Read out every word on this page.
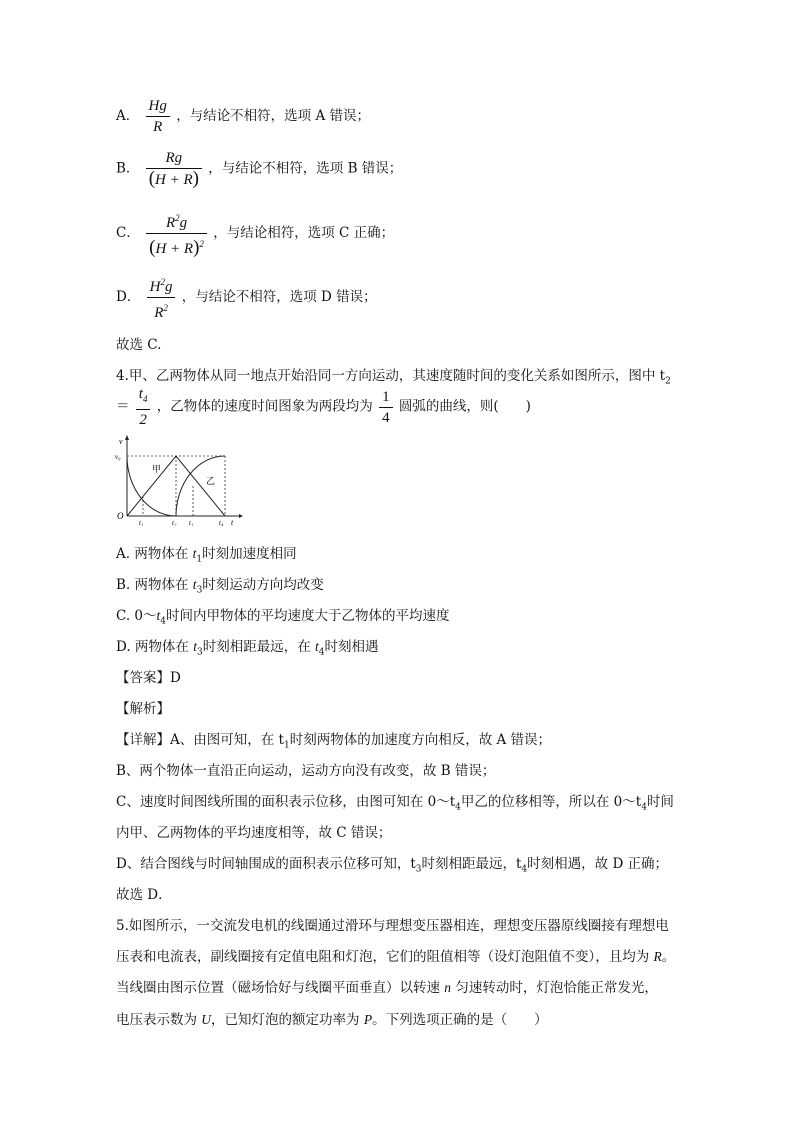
A． $\frac{Hg}{R}$ ，与结论不相符，选项 A 错误；
B． $\frac{Rg}{(H + R)}$ ，与结论不相符，选项 B 错误；
C． $\frac{R^2g}{(H + R)^2}$ ，与结论相符，选项 C 正确；
D． $\frac{H^2g}{R^2}$ ，与结论不相符，选项 D 错误；
故选 C.
4.甲、乙两物体从同一地点开始沿同一方向运动，其速度随时间的变化关系如图所示，图中 $t_2$
＝ $\frac{t_4}{2}$ ，乙物体的速度时间图象为两段均为 $\frac{1}{4}$ 圆弧的曲线，则(　　)
v
v₀
甲
乙
O
t₁	t₂ t₃	t₄ t
A. 两物体在 $t_1$时刻加速度相同
B. 两物体在 $t_3$时刻运动方向均改变
C. $0\sim t_4$时间内甲物体的平均速度大于乙物体的平均速度
D. 两物体在 $t_3$时刻相距最远，在 $t_4$时刻相遇
【答案】D
【解析】
【详解】A、由图可知，在 $t_1$时刻两物体的加速度方向相反，故 A 错误；
B、两个物体一直沿正向运动，运动方向没有改变，故 B 错误；
C、速度时间图线所围的面积表示位移，由图可知在 $0\sim t_4$甲乙的位移相等，所以在 $0\sim t_4$时间
内甲、乙两物体的平均速度相等，故 C 错误；
D、结合图线与时间轴围成的面积表示位移可知，$t_3$时刻相距最远，$t_4$时刻相遇，故 D 正确；
故选 D．
5.如图所示，一交流发电机的线圈通过滑环与理想变压器相连，理想变压器原线圈接有理想电
压表和电流表，副线圈接有定值电阻和灯泡，它们的阻值相等（设灯泡阻值不变），且均为 R。
当线圈由图示位置（磁场恰好与线圈平面垂直）以转速 n 匀速转动时，灯泡恰能正常发光，
电压表示数为 U，已知灯泡的额定功率为 P。下列选项正确的是（　　）
